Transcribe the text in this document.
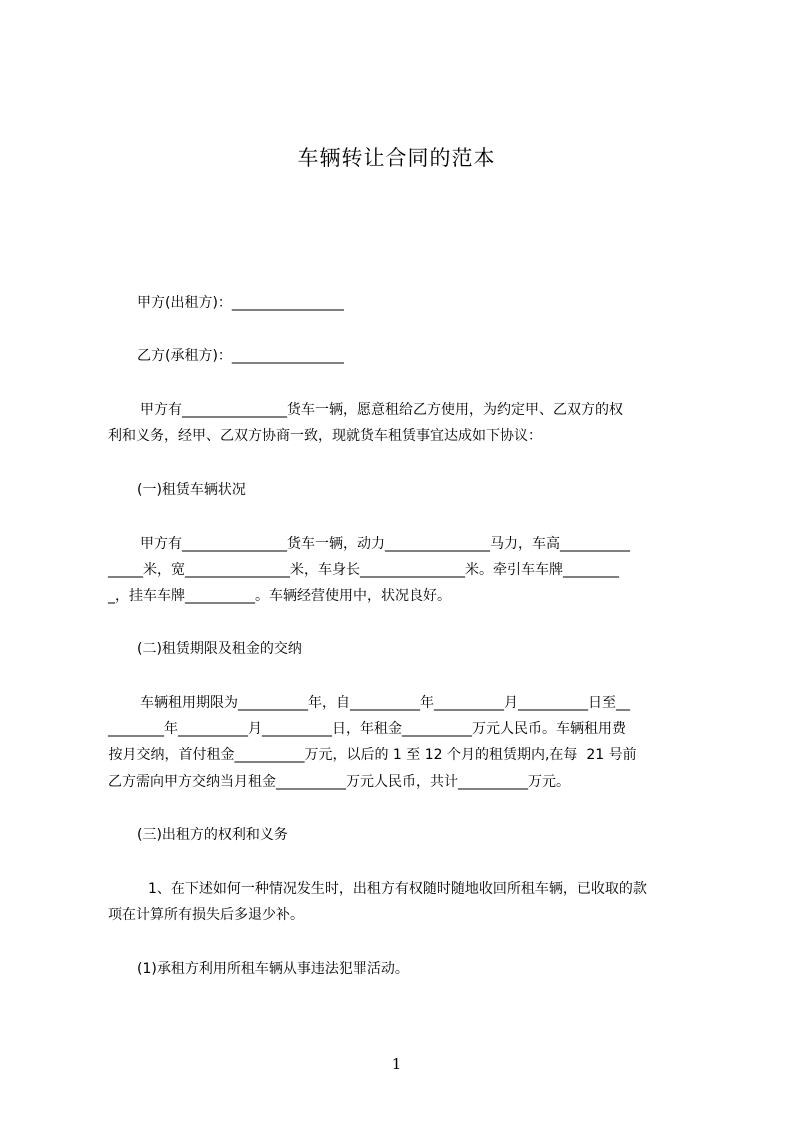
车辆转让合同的范本
甲方(出租方)：________________
乙方(承租方)：________________
甲方有_______________货车一辆，愿意租给乙方使用，为约定甲、乙双方的权
利和义务，经甲、乙双方协商一致，现就货车租赁事宜达成如下协议：
(一)租赁车辆状况
甲方有_______________货车一辆，动力_______________马力，车高__________
_____米，宽_______________米，车身长_______________米。牵引车车牌________
_，挂车车牌__________。车辆经营使用中，状况良好。
(二)租赁期限及租金的交纳
车辆租用期限为__________年，自__________年__________月__________日至__
________年__________月__________日，年租金__________万元人民币。车辆租用费
按月交纳，首付租金__________万元，以后的 1 至 12 个月的租赁期内,在每  21 号前
乙方需向甲方交纳当月租金__________万元人民币，共计__________万元。
(三)出租方的权利和义务
1、在下述如何一种情况发生时，出租方有权随时随地收回所租车辆，已收取的款
项在计算所有损失后多退少补。
(1)承租方利用所租车辆从事违法犯罪活动。
1
